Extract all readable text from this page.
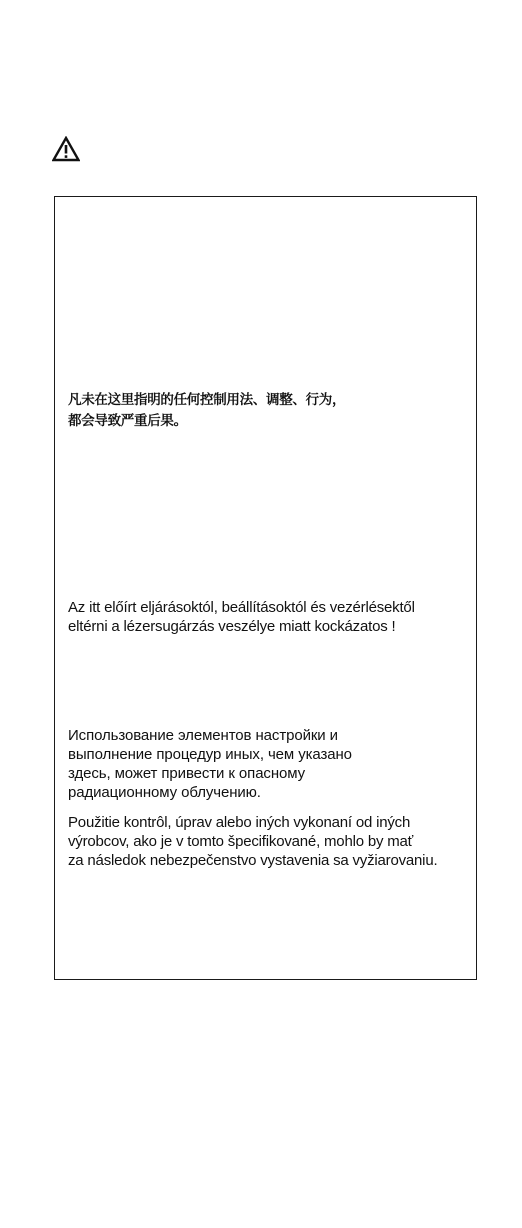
凡未在这里指明的任何控制用法、调整、行为，
都会导致严重后果。

Az itt előírt eljárásoktól, beállításoktól és vezérlésektől
eltérni a lézersugárzás veszélye miatt kockázatos !

Использование элементов настройки и
выполнение процедур иных, чем указано
здесь, может привести к опасному
радиационному облучению.

Použitie kontrôl, úprav alebo iných vykonaní od iných
výrobcov, ako je v tomto špecifikované, mohlo by mať
za následok nebezpečenstvo vystavenia sa vyžiarovaniu.
